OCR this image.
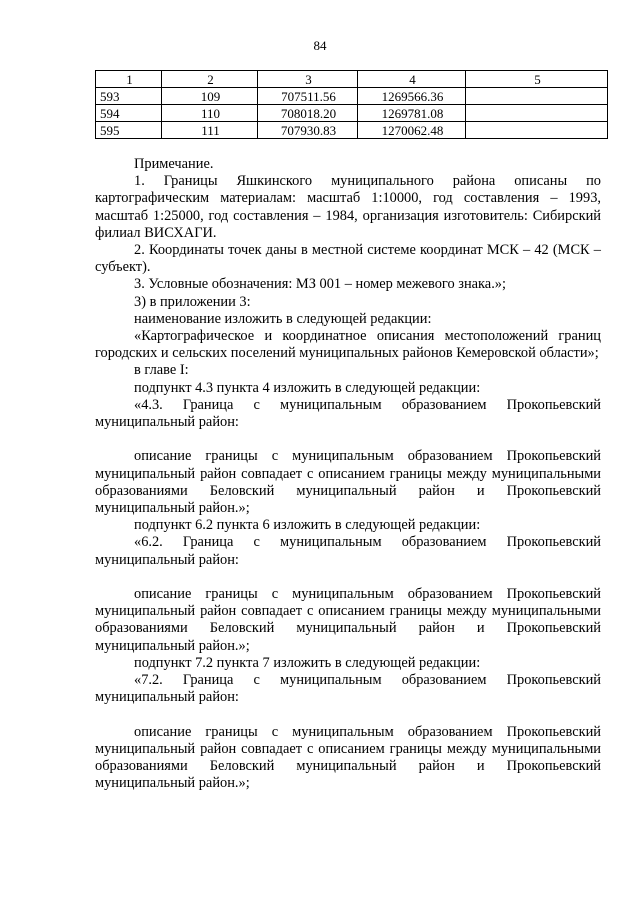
84
1	2	3	4	5
593	109	707511.56	1269566.36	
594	110	708018.20	1269781.08	
595	111	707930.83	1270062.48	

Примечание.

1. Границы Яшкинского муниципального района описаны по картографическим материалам: масштаб 1:10000, год составления – 1993, масштаб 1:25000, год составления – 1984, организация изготовитель: Сибирский филиал ВИСХАГИ.

2. Координаты точек даны в местной системе координат МСК – 42 (МСК – субъект).

3. Условные обозначения: МЗ 001 – номер межевого знака.»;

3) в приложении 3:

наименование изложить в следующей редакции:

«Картографическое и координатное описания местоположений границ городских и сельских поселений муниципальных районов Кемеровской области»;

в главе I:

подпункт 4.3 пункта 4 изложить в следующей редакции:

«4.3. Граница с муниципальным образованием Прокопьевский муниципальный район:

описание границы с муниципальным образованием Прокопьевский муниципальный район совпадает с описанием границы между муниципальными образованиями Беловский муниципальный район и Прокопьевский муниципальный район.»;

подпункт 6.2 пункта 6 изложить в следующей редакции:

«6.2. Граница с муниципальным образованием Прокопьевский муниципальный район:

описание границы с муниципальным образованием Прокопьевский муниципальный район совпадает с описанием границы между муниципальными образованиями Беловский муниципальный район и Прокопьевский муниципальный район.»;

подпункт 7.2 пункта 7 изложить в следующей редакции:

«7.2. Граница с муниципальным образованием Прокопьевский муниципальный район:

описание границы с муниципальным образованием Прокопьевский муниципальный район совпадает с описанием границы между муниципальными образованиями Беловский муниципальный район и Прокопьевский муниципальный район.»;
